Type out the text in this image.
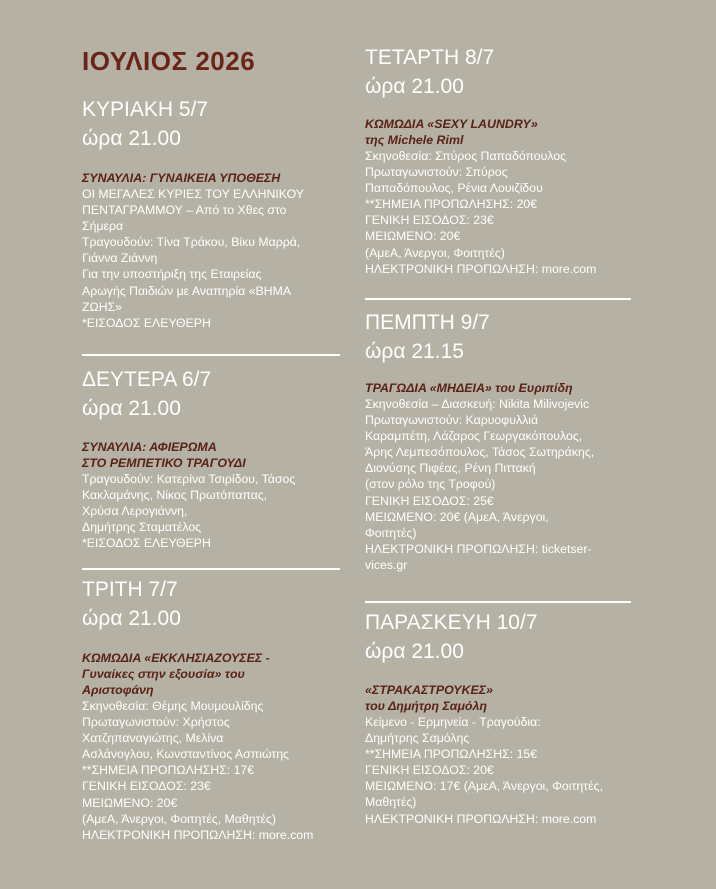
ΙΟΥΛΙΟΣ 2026

ΚΥΡΙΑΚΗ 5/7

ώρα 21.00

ΣΥΝΑΥΛΙΑ: ΓΥΝΑΙΚΕΙΑ ΥΠΟΘΕΣΗ

ΟΙ ΜΕΓΑΛΕΣ ΚΥΡΙΕΣ ΤΟΥ ΕΛΛΗΝΙΚΟΥ
ΠΕΝΤΑΓΡΑΜΜΟΥ – Από το Χθες στο
Σήμερα
Τραγουδούν: Τίνα Τράκου, Βίκυ Μαρρά,
Γιάννα Ζιάννη
Για την υποστήριξη της Εταιρείας
Αρωγής Παιδιών με Αναπηρία «ΒΗΜΑ
ΖΩΗΣ»
*ΕΙΣΟΔΟΣ ΕΛΕΥΘΕΡΗ

ΔΕΥΤΕΡΑ 6/7

ώρα 21.00

ΣΥΝΑΥΛΙΑ: ΑΦΙΕΡΩΜΑ

ΣΤΟ ΡΕΜΠΕΤΙΚΟ ΤΡΑΓΟΥΔΙ

Τραγουδούν: Κατερίνα Τσιρίδου, Τάσος
Κακλαμάνης, Νίκος Πρωτόπαπας,
Χρύσα Λερογιάννη,
Δημήτρης Σταματέλος
*ΕΙΣΟΔΟΣ ΕΛΕΥΘΕΡΗ

ΤΡΙΤΗ 7/7

ώρα 21.00

ΚΩΜΩΔΙΑ «ΕΚΚΛΗΣΙΑΖΟΥΣΕΣ -

Γυναίκες στην εξουσία» του

Αριστοφάνη

Σκηνοθεσία: Θέμης Μουμουλίδης
Πρωταγωνιστούν: Χρήστος
Χατζηπαναγιώτης, Μελίνα
Ασλάνογλου, Κωνσταντίνος Ασπιώτης
**ΣΗΜΕΙΑ ΠΡΟΠΩΛΗΣΗΣ: 17€
ΓΕΝΙΚΗ ΕΙΣΟΔΟΣ: 23€
ΜΕΙΩΜΕΝΟ: 20€
(ΑμεΑ, Άνεργοι, Φοιτητές, Μαθητές)
ΗΛΕΚΤΡΟΝΙΚΗ ΠΡΟΠΩΛΗΣΗ: more.com

ΤΕΤΑΡΤΗ 8/7

ώρα 21.00

ΚΩΜΩΔΙΑ «SEXY LAUNDRY»

της Michele Riml

Σκηνοθεσία: Σπύρος Παπαδόπουλος
Πρωταγωνιστούν: Σπύρος
Παπαδόπουλος, Ρένια Λουιζίδου
**ΣΗΜΕΙΑ ΠΡΟΠΩΛΗΣΗΣ: 20€
ΓΕΝΙΚΗ ΕΙΣΟΔΟΣ: 23€
ΜΕΙΩΜΕΝΟ: 20€
(ΑμεΑ, Άνεργοι, Φοιτητές)
ΗΛΕΚΤΡΟΝΙΚΗ ΠΡΟΠΩΛΗΣΗ: more.com

ΠΕΜΠΤΗ 9/7

ώρα 21.15

ΤΡΑΓΩΔΙΑ «ΜΗΔΕΙΑ» του Ευριπίδη

Σκηνοθεσία – Διασκευή: Nikita Milivojevic
Πρωταγωνιστούν: Καρυοφυλλιά
Καραμπέτη, Λάζαρος Γεωργακόπουλος,
Άρης Λεμπεσόπουλος, Τάσος Σωτηράκης,
Διονύσης Πιφέας, Ρένη Πιττακή
(στον ρόλο της Τροφού)
ΓΕΝΙΚΗ ΕΙΣΟΔΟΣ: 25€
ΜΕΙΩΜΕΝΟ: 20€ (ΑμεΑ, Άνεργοι,
Φοιτητές)
ΗΛΕΚΤΡΟΝΙΚΗ ΠΡΟΠΩΛΗΣΗ: ticketser-
vices.gr

ΠΑΡΑΣΚΕΥΗ 10/7

ώρα 21.00

«ΣΤΡΑΚΑΣΤΡΟΥΚΕΣ»

του Δημήτρη Σαμόλη

Κείμενο - Ερμηνεία - Τραγούδια:
Δημήτρης Σαμόλης
**ΣΗΜΕΙΑ ΠΡΟΠΩΛΗΣΗΣ: 15€
ΓΕΝΙΚΗ ΕΙΣΟΔΟΣ: 20€
ΜΕΙΩΜΕΝΟ: 17€ (ΑμεΑ, Άνεργοι, Φοιτητές,
Μαθητές)
ΗΛΕΚΤΡΟΝΙΚΗ ΠΡΟΠΩΛΗΣΗ: more.com
